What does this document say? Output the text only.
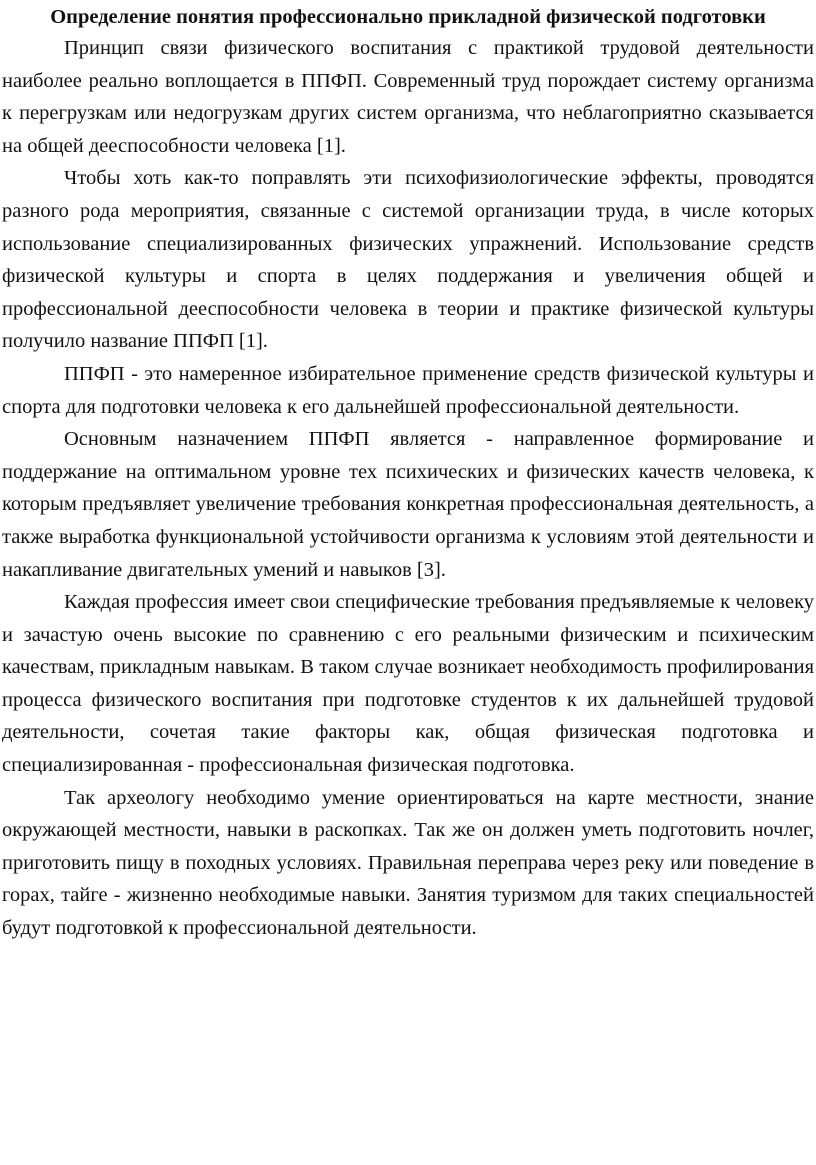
Определение понятия профессионально прикладной физической подготовки

Принцип связи физического воспитания с практикой трудовой деятельности наиболее реально воплощается в ППФП. Современный труд порождает систему организма к перегрузкам или недогрузкам других систем организма, что неблагоприятно сказывается на общей дееспособности человека [1].

Чтобы хоть как-то поправлять эти психофизиологические эффекты, проводятся разного рода мероприятия, связанные с системой организации труда, в числе которых использование специализированных физических упражнений. Использование средств физической культуры и спорта в целях поддержания и увеличения общей и профессиональной дееспособности человека в теории и практике физической культуры получило название ППФП [1].

ППФП - это намеренное избирательное применение средств физической культуры и спорта для подготовки человека к его дальнейшей профессиональной деятельности.

Основным назначением ППФП является - направленное формирование и поддержание на оптимальном уровне тех психических и физических качеств человека, к которым предъявляет увеличение требования конкретная профессиональная деятельность, а также выработка функциональной устойчивости организма к условиям этой деятельности и накапливание двигательных умений и навыков [3].

Каждая профессия имеет свои специфические требования предъявляемые к человеку и зачастую очень высокие по сравнению с его реальными физическим и психическим качествам, прикладным навыкам. В таком случае возникает необходимость профилирования процесса физического воспитания при подготовке студентов к их дальнейшей трудовой деятельности, сочетая такие факторы как, общая физическая подготовка и специализированная - профессиональная физическая подготовка.

Так археологу необходимо умение ориентироваться на карте местности, знание окружающей местности, навыки в раскопках. Так же он должен уметь подготовить ночлег, приготовить пищу в походных условиях. Правильная переправа через реку или поведение в горах, тайге - жизненно необходимые навыки. Занятия туризмом для таких специальностей будут подготовкой к профессиональной деятельности.
